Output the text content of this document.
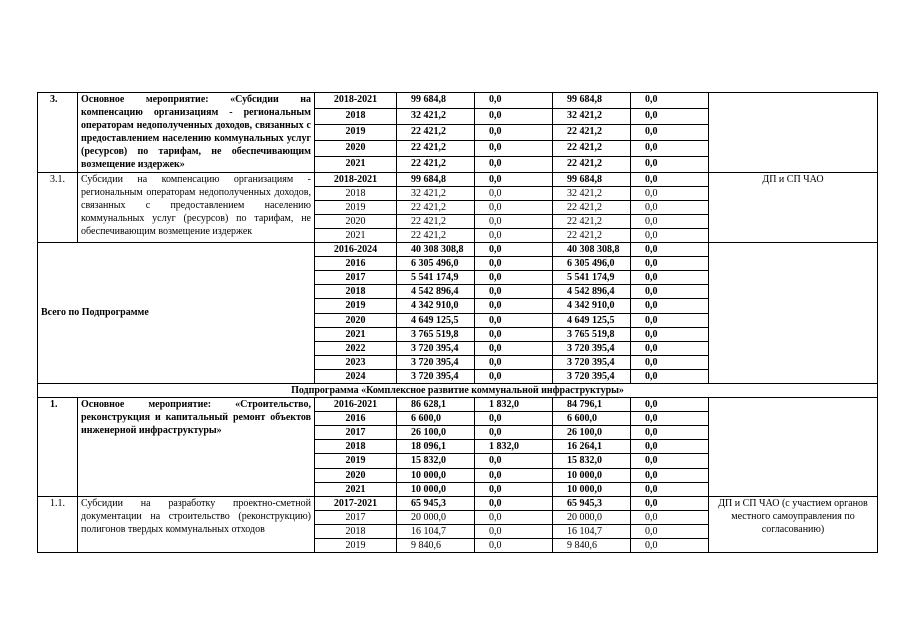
3.	Основное мероприятие: «Субсидии на компенсацию организациям - региональным операторам недополученных доходов, связанных с предоставлением населению коммунальных услуг (ресурсов) по тарифам, не обеспечивающим возмещение издержек»	2018-2021	99 684,8	0,0	99 684,8	0,0	
		2018	32 421,2	0,0	32 421,2	0,0	
		2019	22 421,2	0,0	22 421,2	0,0	
		2020	22 421,2	0,0	22 421,2	0,0	
		2021	22 421,2	0,0	22 421,2	0,0	
3.1.	Субсидии на компенсацию организациям - региональным операторам недополученных доходов, связанных с предоставлением населению коммунальных услуг (ресурсов) по тарифам, не обеспечивающим возмещение издержек	2018-2021	99 684,8	0,0	99 684,8	0,0	ДП и СП ЧАО
		2018	32 421,2	0,0	32 421,2	0,0	
		2019	22 421,2	0,0	22 421,2	0,0	
		2020	22 421,2	0,0	22 421,2	0,0	
		2021	22 421,2	0,0	22 421,2	0,0	
Всего по Подпрограмме		2016-2024	40 308 308,8	0,0	40 308 308,8	0,0	
		2016	6 305 496,0	0,0	6 305 496,0	0,0	
		2017	5 541 174,9	0,0	5 541 174,9	0,0	
		2018	4 542 896,4	0,0	4 542 896,4	0,0	
		2019	4 342 910,0	0,0	4 342 910,0	0,0	
		2020	4 649 125,5	0,0	4 649 125,5	0,0	
		2021	3 765 519,8	0,0	3 765 519,8	0,0	
		2022	3 720 395,4	0,0	3 720 395,4	0,0	
		2023	3 720 395,4	0,0	3 720 395,4	0,0	
		2024	3 720 395,4	0,0	3 720 395,4	0,0	
Подпрограмма «Комплексное развитие коммунальной инфраструктуры»							
1.	Основное мероприятие: «Строительство, реконструкция и капитальный ремонт объектов инженерной инфраструктуры»	2016-2021	86 628,1	1 832,0	84 796,1	0,0	
		2016	6 600,0	0,0	6 600,0	0,0	
		2017	26 100,0	0,0	26 100,0	0,0	
		2018	18 096,1	1 832,0	16 264,1	0,0	
		2019	15 832,0	0,0	15 832,0	0,0	
		2020	10 000,0	0,0	10 000,0	0,0	
		2021	10 000,0	0,0	10 000,0	0,0	
1.1.	Субсидии на разработку проектно-сметной документации на строительство (реконструкцию) полигонов твердых коммунальных отходов	2017-2021	65 945,3	0,0	65 945,3	0,0	ДП и СП ЧАО (с участием органов местного самоуправления по согласованию)
		2017	20 000,0	0,0	20 000,0	0,0	
		2018	16 104,7	0,0	16 104,7	0,0	
		2019	9 840,6	0,0	9 840,6	0,0	
